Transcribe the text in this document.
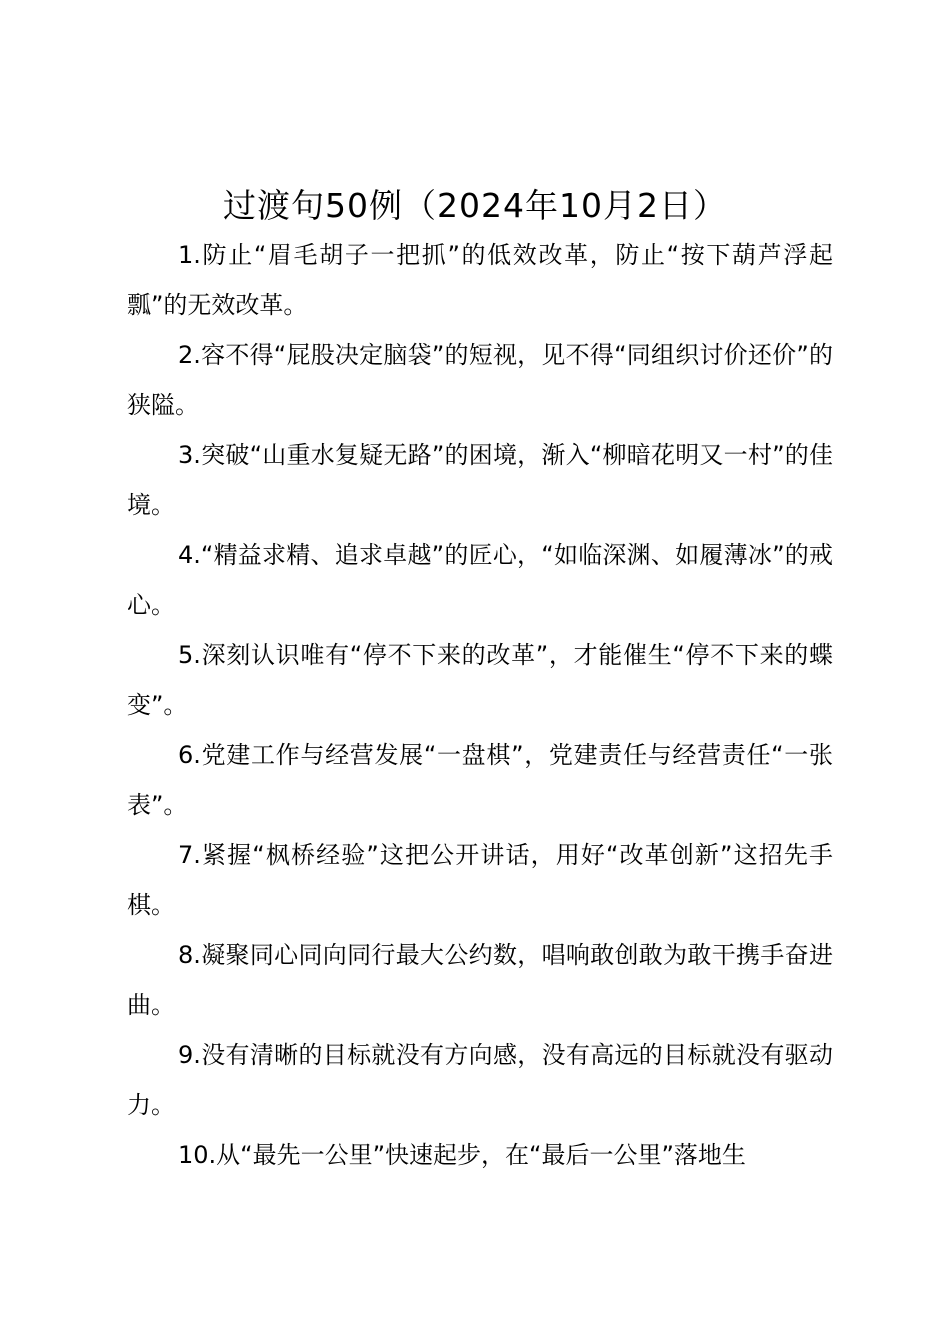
过渡句50例（2024年10月2日）

1.防止“眉毛胡子一把抓”的低效改革，防止“按下葫芦浮起瓢”的无效改革。

2.容不得“屁股决定脑袋”的短视，见不得“同组织讨价还价”的狭隘。

3.突破“山重水复疑无路”的困境，渐入“柳暗花明又一村”的佳境。

4.“精益求精、追求卓越”的匠心，“如临深渊、如履薄冰”的戒心。

5.深刻认识唯有“停不下来的改革”，才能催生“停不下来的蝶变”。

6.党建工作与经营发展“一盘棋”，党建责任与经营责任“一张表”。

7.紧握“枫桥经验”这把公开讲话，用好“改革创新”这招先手棋。

8.凝聚同心同向同行最大公约数，唱响敢创敢为敢干携手奋进曲。

9.没有清晰的目标就没有方向感，没有高远的目标就没有驱动力。

10.从“最先一公里”快速起步，在“最后一公里”落地生
